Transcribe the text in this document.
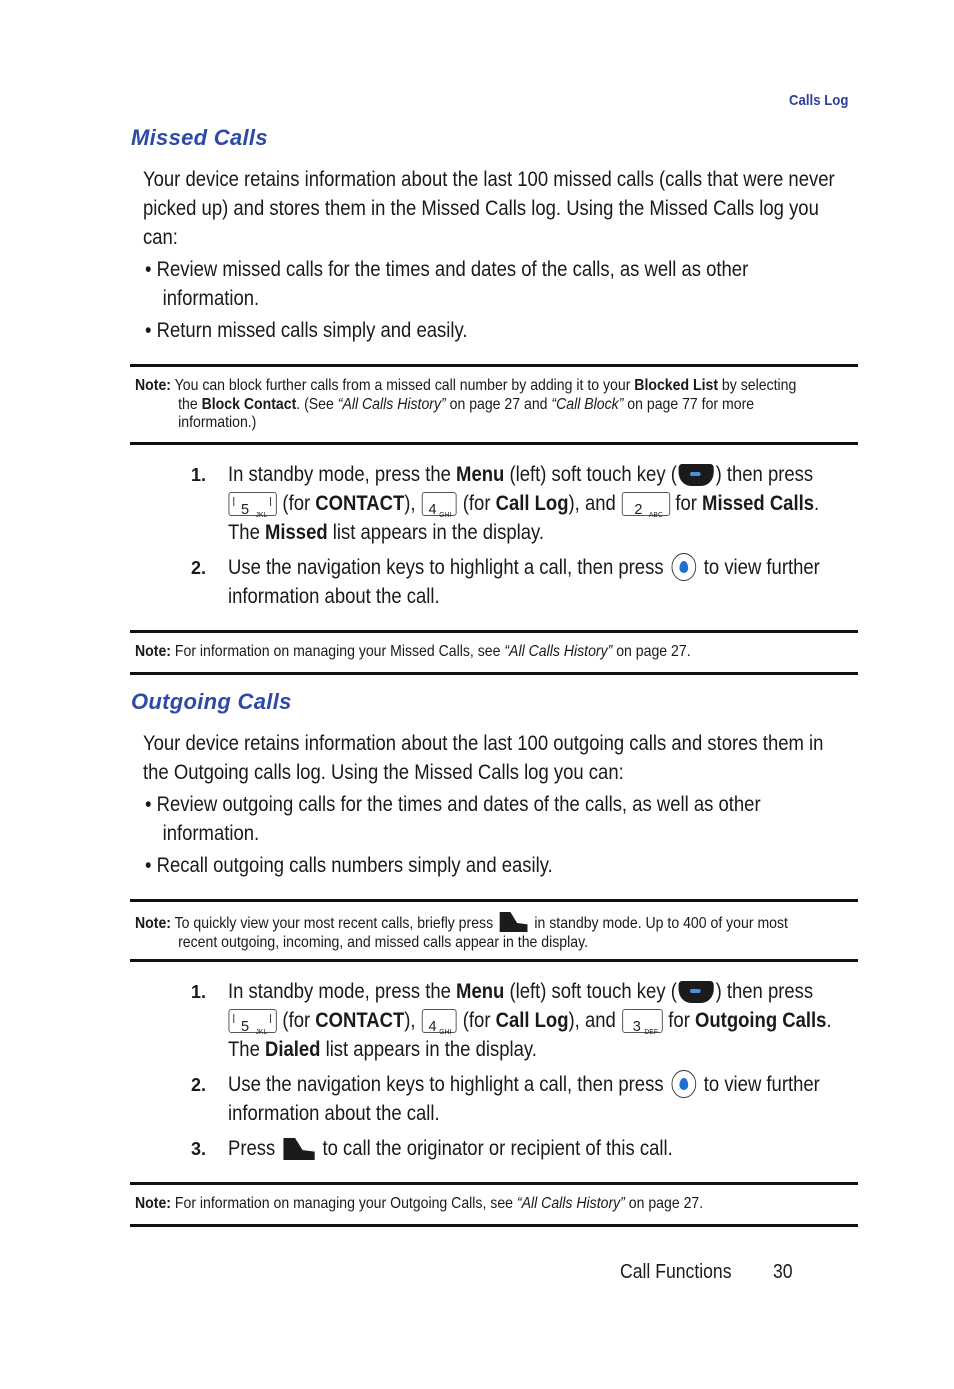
Calls Log
Missed Calls
Your device retains information about the last 100 missed calls (calls that were never
picked up) and stores them in the Missed Calls log. Using the Missed Calls log you
can:
• Review missed calls for the times and dates of the calls, as well as other
information.
• Return missed calls simply and easily.
Note: You can block further calls from a missed call number by adding it to your Blocked List by selecting
the Block Contact. (See “All Calls History” on page 27 and “Call Block” on page 77 for more
information.)
1. In standby mode, press the Menu (left) soft touch key ( ) then press
5 JKL
(for CONTACT), 4 GHI
(for Call Log), and 2 ABC
for Missed Calls.
The Missed list appears in the display.
2. Use the navigation keys to highlight a call, then press  to view further
information about the call.
Note: For information on managing your Missed Calls, see “All Calls History” on page 27.
Outgoing Calls
Your device retains information about the last 100 outgoing calls and stores them in
the Outgoing calls log. Using the Missed Calls log you can:
• Review outgoing calls for the times and dates of the calls, as well as other
information.
• Recall outgoing calls numbers simply and easily.
Note: To quickly view your most recent calls, briefly press  in standby mode. Up to 400 of your most
recent outgoing, incoming, and missed calls appear in the display.
1. In standby mode, press the Menu (left) soft touch key ( ) then press
5 JKL
(for CONTACT), 4 GHI
(for Call Log), and 3 DEF
for Outgoing Calls.
The Dialed list appears in the display.
2. Use the navigation keys to highlight a call, then press  to view further
information about the call.
3. Press  to call the originator or recipient of this call.
Note: For information on managing your Outgoing Calls, see “All Calls History” on page 27.
Call Functions	30
